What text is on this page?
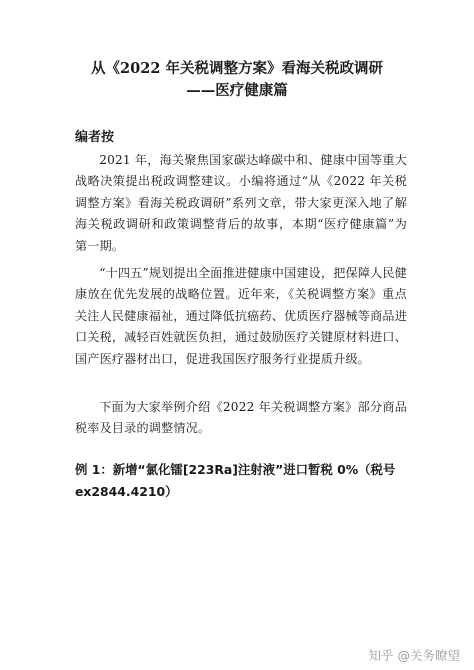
从《2022 年关税调整方案》看海关税政调研
——医疗健康篇
编者按
2021 年，海关聚焦国家碳达峰碳中和、健康中国等重大战略决策提出税政调整建议。小编将通过“从《2022 年关税调整方案》看海关税政调研”系列文章，带大家更深入地了解海关税政调研和政策调整背后的故事，本期“医疗健康篇”为第一期。
“十四五”规划提出全面推进健康中国建设，把保障人民健康放在优先发展的战略位置。近年来，《关税调整方案》重点关注人民健康福祉，通过降低抗癌药、优质医疗器械等商品进口关税，减轻百姓就医负担，通过鼓励医疗关键原材料进口、国产医疗器材出口，促进我国医疗服务行业提质升级。
下面为大家举例介绍《2022 年关税调整方案》部分商品税率及目录的调整情况。
例 1：新增“氯化镭[223Ra]注射液”进口暂税 0%（税号 ex2844.4210）
知乎 @关务瞭望
